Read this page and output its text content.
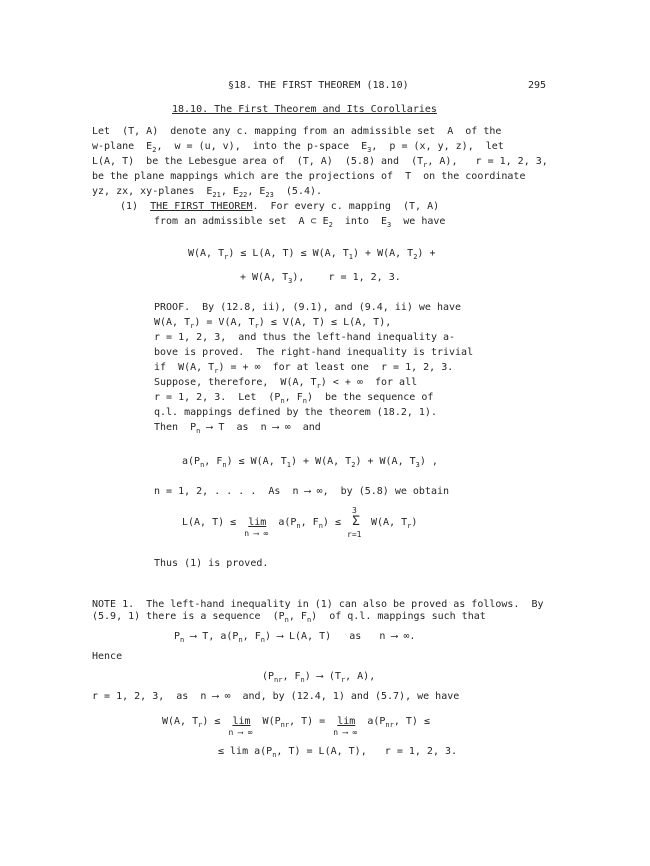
§18. THE FIRST THEOREM (18.10)	295
18.10. The First Theorem and Its Corollaries
Let  (T, A)  denote any c. mapping from an admissible set  A  of the
w-plane  $E_2$,  w = (u, v),  into the p-space  $E_3$,  p = (x, y, z),  let
L(A, T)  be the Lebesgue area of  (T, A)  (5.8) and  ($T_r$, A),   r = 1, 2, 3,
be the plane mappings which are the projections of  T  on the coordinate
yz, zx, xy-planes  $E_{21}$, $E_{22}$, $E_{23}$  (5.4).
(1)  THE FIRST THEOREM.  For every c. mapping  (T, A)
from an admissible set  A ⊂ $E_2$  into  $E_3$  we have
W(A, $T_r) \le L(A$, T) ≤ W(A, $T_1) + W(A$, $T_2$) +
+ W(A, $T_3$),    r = 1, 2, 3.
PROOF.  By (12.8, ii), (9.1), and (9.4, ii) we have
W(A, $T_r) = V(A$, $T_r) \le V(A$, T) ≤ L(A, T),
r = 1, 2, 3,  and thus the left-hand inequality a-
bove is proved.  The right-hand inequality is trivial
if  W(A, $T_r$) = + ∞  for at least one  r = 1, 2, 3.
Suppose, therefore,  W(A, $T_r$) < + ∞  for all
r = 1, 2, 3.  Let  ($P_n$, $F_n$)  be the sequence of
q.l. mappings defined by the theorem (18.2, 1).
Then  $P_n$ ⟶ T  as  n ⟶ ∞  and
$a(P_n$, $F_n) \le W(A$, $T_1) + W(A$, $T_2) + W(A$, $T_3$) ,
n = 1, 2, . . . .  As  n ⟶ ∞,  by (5.8) we obtain
L(A, T) ≤  lim
n ⟶ ∞
$a(P_n$, $F_n) \le \Sigma$
3
r=1
W(A, $T_r$)
Thus (1) is proved.
NOTE 1.  The left-hand inequality in (1) can also be proved as follows.  By
(5.9, 1) there is a sequence  ($P_n$, $F_n$)  of q.l. mappings such that
$P_n$ ⟶ T, $a(P_n$, $F_n$) ⟶ L(A, T)   as   n ⟶ ∞.
Hence
($P_{nr}$, $F_n$) ⟶ ($T_r$, A),
r = 1, 2, 3,  as  n ⟶ ∞  and, by (12.4, 1) and (5.7), we have
W(A, $T_r) \le \lim$
n ⟶ ∞
$W(P_{nr}$, T) =  lim
n ⟶ ∞
$a(P_{nr}$, T) ≤
≤ $\lim a(P_n$, T) = L(A, T),   r = 1, 2, 3.
